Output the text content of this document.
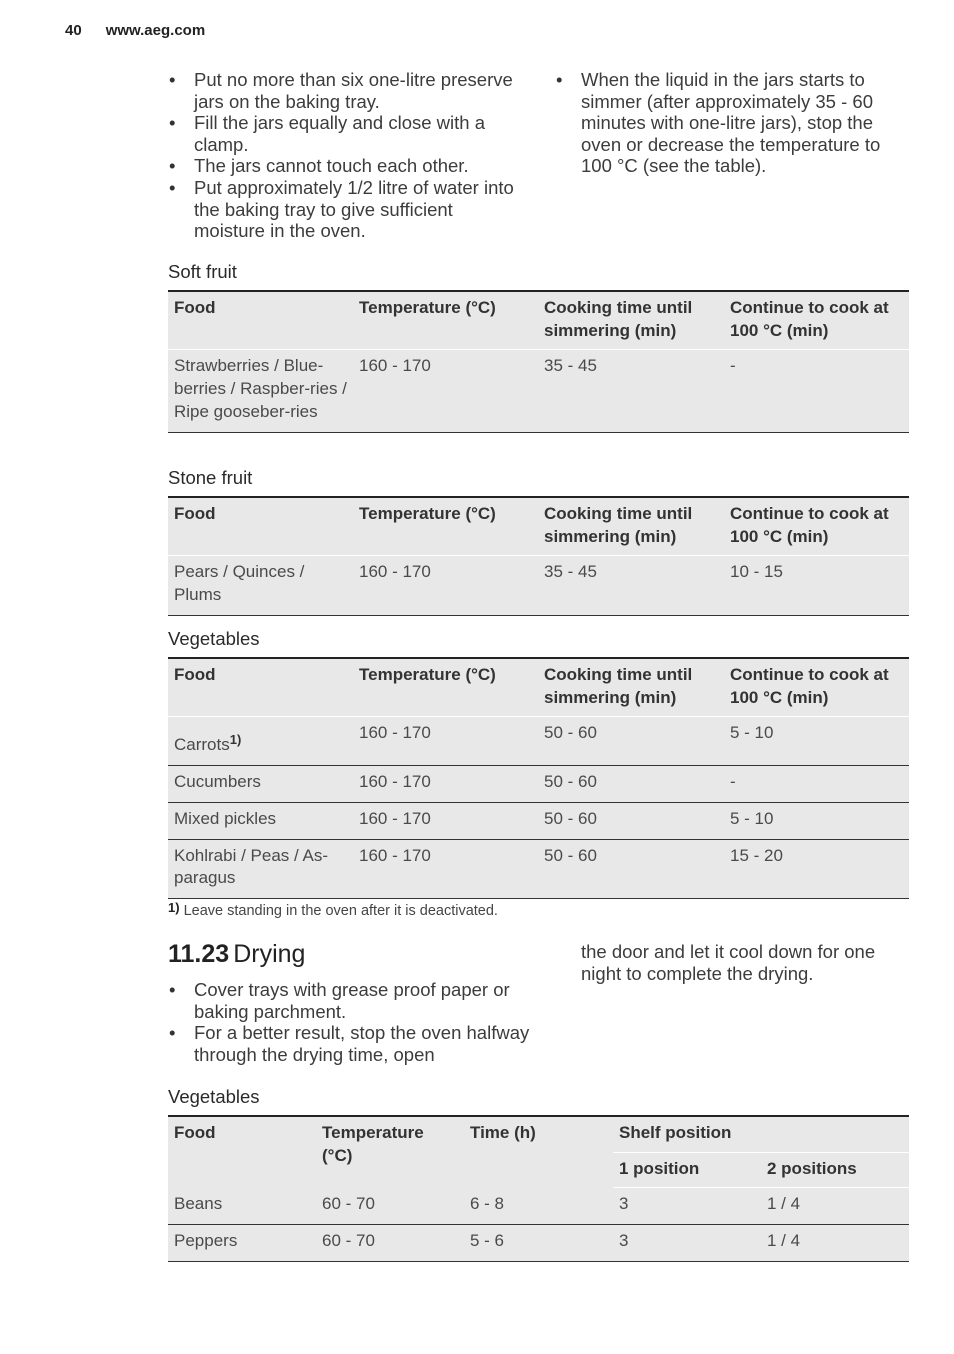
40 www.aeg.com
• Put no more than six one-litre preserve jars on the baking tray.
• Fill the jars equally and close with a clamp.
• The jars cannot touch each other.
• Put approximately 1/2 litre of water into the baking tray to give sufficient moisture in the oven.
• When the liquid in the jars starts to simmer (after approximately 35 - 60 minutes with one-litre jars), stop the oven or decrease the temperature to 100 °C (see the table).
Soft fruit
Food	Temperature (°C)	Cooking time until simmering (min)	Continue to cook at 100 °C (min)
Strawberries / Blue-berries / Raspber-ries / Ripe gooseber-ries	160 - 170	35 - 45	-
Stone fruit
Food	Temperature (°C)	Cooking time until simmering (min)	Continue to cook at 100 °C (min)
Pears / Quinces / Plums	160 - 170	35 - 45	10 - 15
Vegetables
Food	Temperature (°C)	Cooking time until simmering (min)	Continue to cook at 100 °C (min)
Carrots$^{1)}$	160 - 170	50 - 60	5 - 10
Cucumbers	160 - 170	50 - 60	-
Mixed pickles	160 - 170	50 - 60	5 - 10
Kohlrabi / Peas / As-paragus	160 - 170	50 - 60	15 - 20
1) Leave standing in the oven after it is deactivated.
11.23 Drying
• Cover trays with grease proof paper or baking parchment.
• For a better result, stop the oven halfway through the drying time, open
the door and let it cool down for one night to complete the drying.
Vegetables
Food	Temperature (°C)	Time (h)	Shelf position	
			1 position	2 positions
Beans	60 - 70	6 - 8	3	1 / 4
Peppers	60 - 70	5 - 6	3	1 / 4
